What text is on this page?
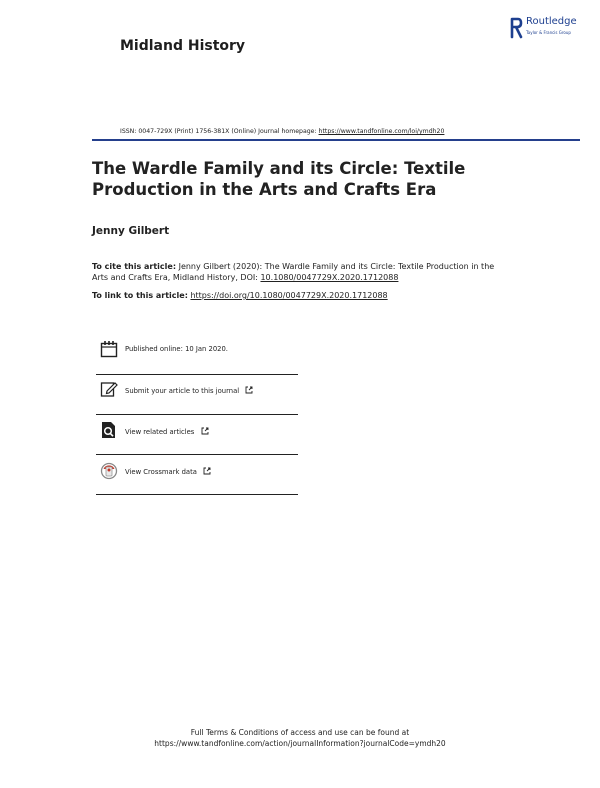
Midland History
Routledge
Taylor & Francis Group
ISSN: 0047-729X (Print) 1756-381X (Online) Journal homepage: https://www.tandfonline.com/loi/ymdh20
The Wardle Family and its Circle: Textile Production in the Arts and Crafts Era
Jenny Gilbert
To cite this article: Jenny Gilbert (2020): The Wardle Family and its Circle: Textile Production in the Arts and Crafts Era, Midland History, DOI: 10.1080/0047729X.2020.1712088
To link to this article: https://doi.org/10.1080/0047729X.2020.1712088
Published online: 10 Jan 2020.
Submit your article to this journal
View related articles
View Crossmark data
Full Terms & Conditions of access and use can be found at
https://www.tandfonline.com/action/journalInformation?journalCode=ymdh20
